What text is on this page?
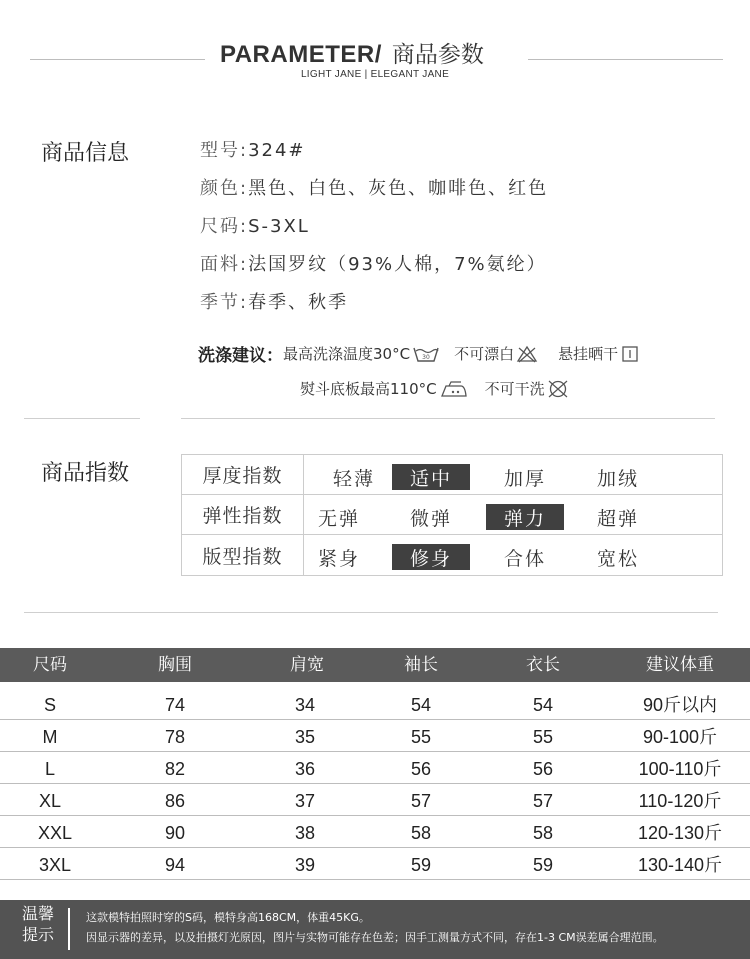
PARAMETER/ 商品参数
LIGHT JANE | ELEGANT JANE
商品信息	型号:324#
颜色:黑色、白色、灰色、咖啡色、红色
尺码:S-3XL
面料:法国罗纹（93%人棉，7%氨纶）
季节:春季、秋季
洗涤建议： 最高洗涤温度30°C 30 不可漂白	悬挂晒干
熨斗底板最高110°C	不可干洗
商品指数	厚度指数	轻薄	适中	加厚	加绒
弹性指数	无弹	微弹	弹力	超弹
版型指数	紧身	修身	合体	宽松
尺码	胸围	肩宽	袖长	衣长	建议体重
S	74	34	54	54	90斤以内
M	78	35	55	55	90-100斤
L	82	36	56	56	100-110斤
XL	86	37	57	57	110-120斤
XXL	90	38	58	58	120-130斤
3XL	94	39	59	59	130-140斤
温馨
提示
这款模特拍照时穿的S码，模特身高168CM，体重45KG。
因显示器的差异，以及拍摄灯光原因，图片与实物可能存在色差；因手工测量方式不同，存在1-3 CM误差属合理范围。
